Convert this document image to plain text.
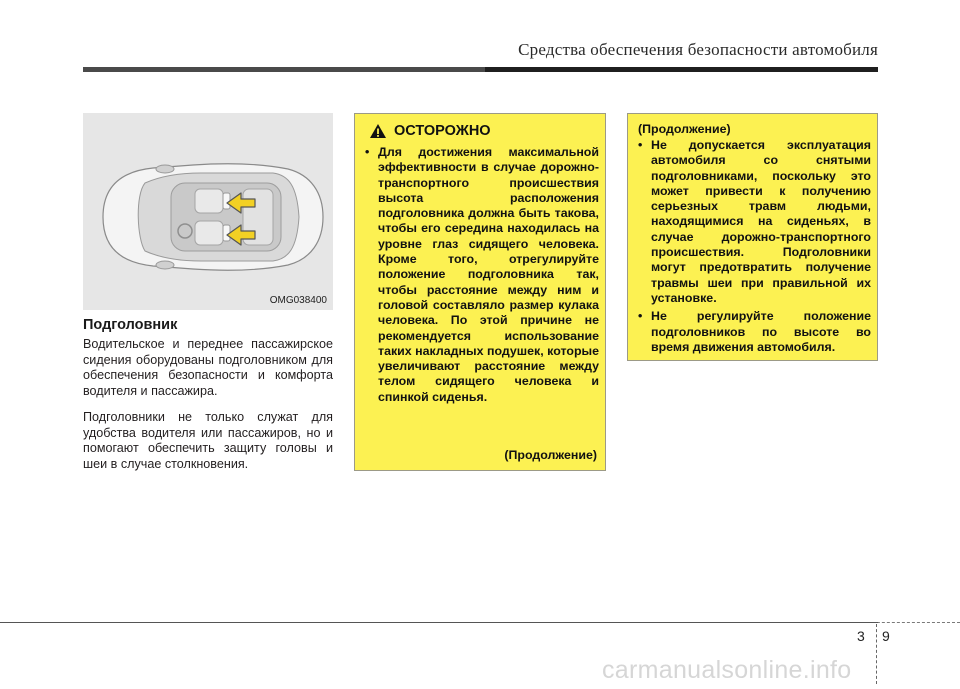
Средства обеспечения безопасности автомобиля
OMG038400
Подголовник
Водительское и переднее пассажирское сидения оборудованы подголовником для обеспечения безопасности и комфорта водителя и пассажира.
Подголовники не только служат для удобства водителя или пассажиров, но и помогают обеспечить защиту головы и шеи в случае столкновения.
ОСТОРОЖНО
• Для достижения максимальной эффективности в случае дорожно-транспортного происшествия высота расположения подголовника должна быть такова, чтобы его середина находилась на уровне глаз сидящего человека. Кроме того, отрегулируйте положение подголовника так, чтобы расстояние между ним и головой составляло размер кулака человека. По этой причине не рекомендуется использование таких накладных подушек, которые увеличивают расстояние между телом сидящего человека и спинкой сиденья.
(Продолжение)
(Продолжение)
• Не допускается эксплуатация автомобиля со снятыми подголовниками, поскольку это может привести к получению серьезных травм людьми, находящимися на сиденьях, в случае дорожно-транспортного происшествия. Подголовники могут предотвратить получение травмы шеи при правильной их установке.
• Не регулируйте положение подголовников по высоте во время движения автомобиля.
3 9
carmanualsonline.info
